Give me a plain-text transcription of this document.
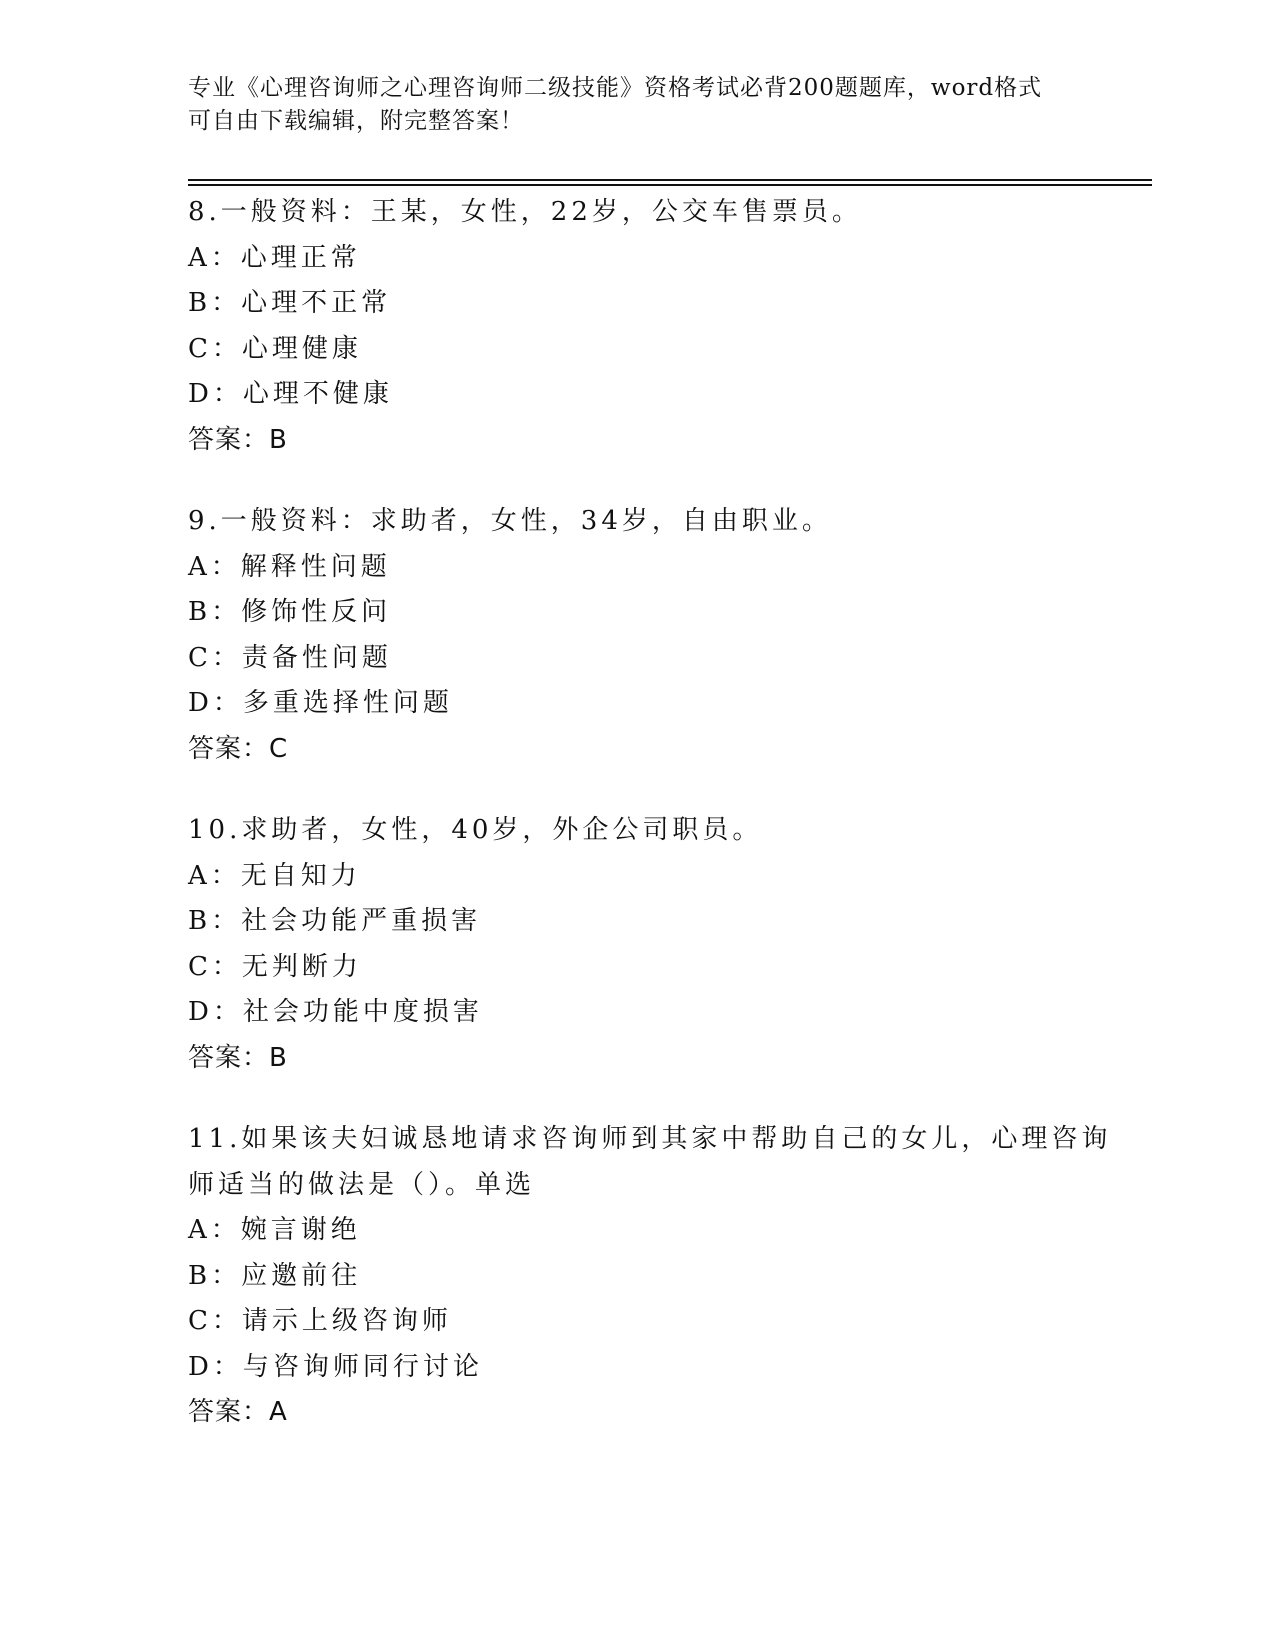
专业《心理咨询师之心理咨询师二级技能》资格考试必背200题题库，word格式
可自由下载编辑，附完整答案！
8.一般资料：王某，女性，22岁，公交车售票员。
A：心理正常
B：心理不正常
C：心理健康
D：心理不健康
答案：B
9.一般资料：求助者，女性，34岁，自由职业。
A：解释性问题
B：修饰性反问
C：责备性问题
D：多重选择性问题
答案：C
10.求助者，女性，40岁，外企公司职员。
A：无自知力
B：社会功能严重损害
C：无判断力
D：社会功能中度损害
答案：B
11.如果该夫妇诚恳地请求咨询师到其家中帮助自己的女儿，心理咨询
师适当的做法是（）。单选
A：婉言谢绝
B：应邀前往
C：请示上级咨询师
D：与咨询师同行讨论
答案：A
